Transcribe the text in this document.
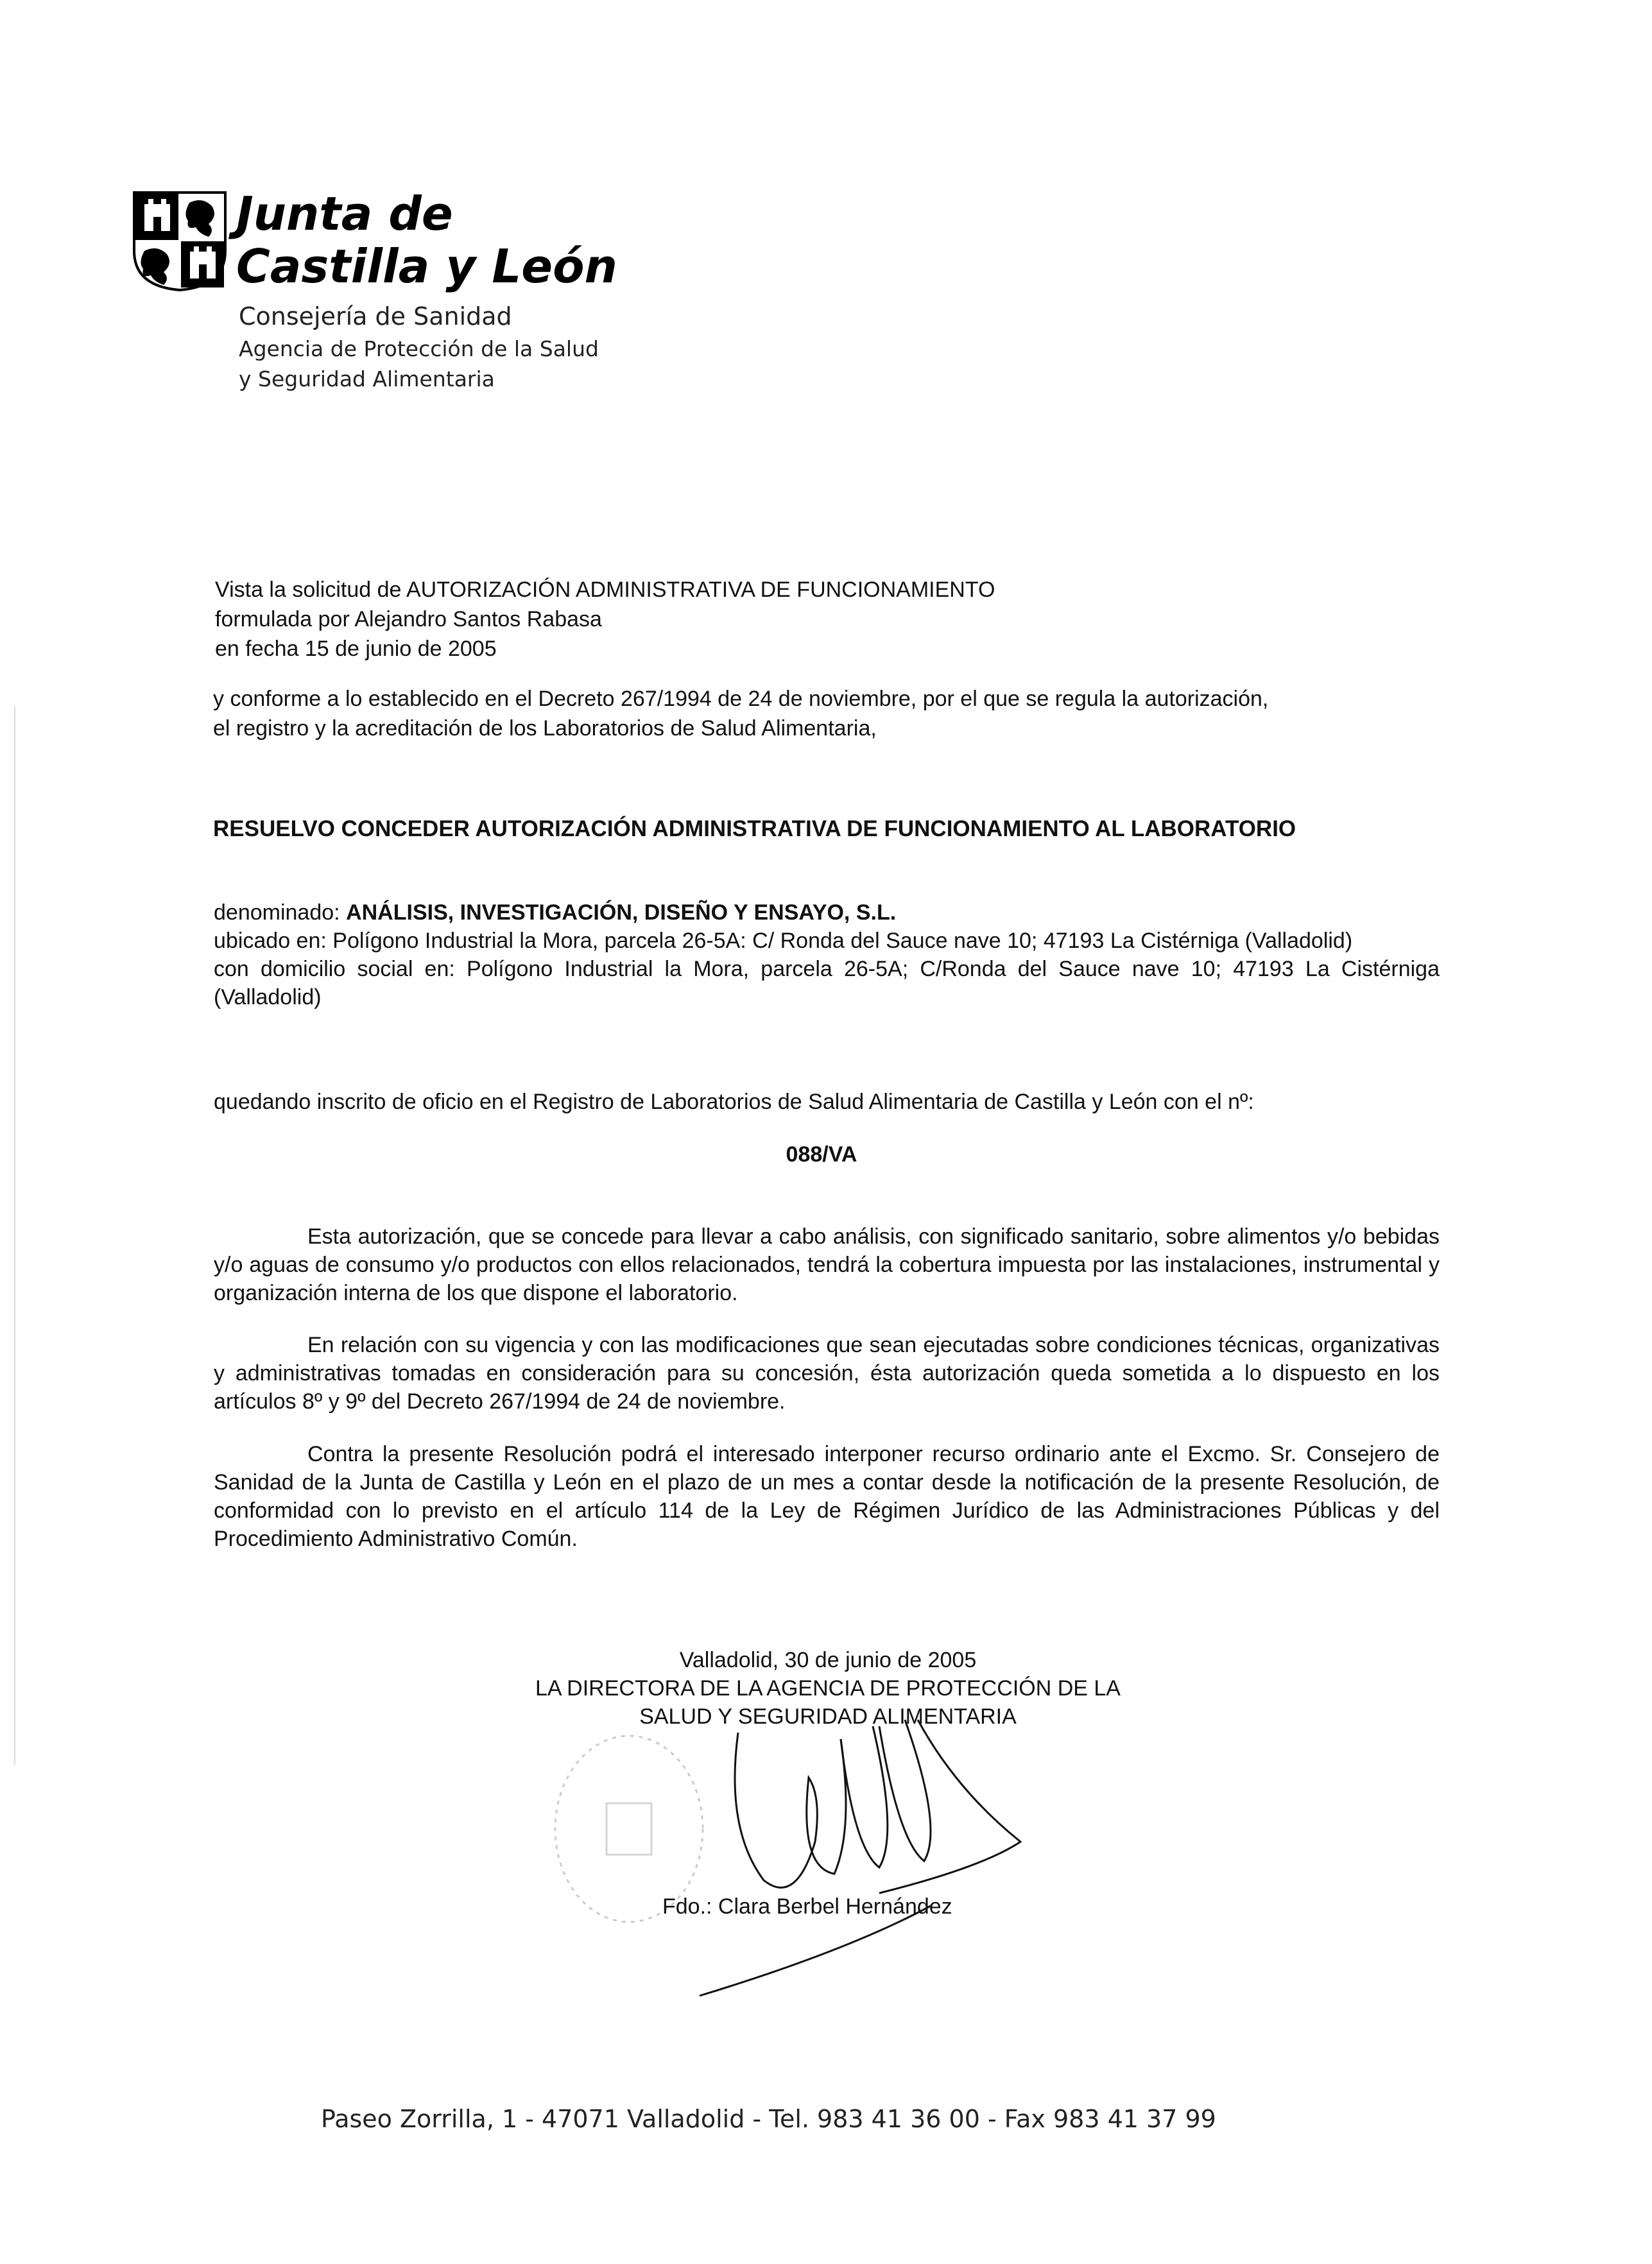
Junta de
Castilla y León
Consejería de Sanidad
Agencia de Protección de la Salud
y Seguridad Alimentaria
Vista la solicitud de AUTORIZACIÓN ADMINISTRATIVA DE FUNCIONAMIENTO
formulada por Alejandro Santos Rabasa
en fecha 15 de junio de 2005
y conforme a lo establecido en el Decreto 267/1994 de 24 de noviembre, por el que se regula la autorización,
el registro y la acreditación de los Laboratorios de Salud Alimentaria,
RESUELVO CONCEDER AUTORIZACIÓN ADMINISTRATIVA DE FUNCIONAMIENTO AL LABORATORIO
denominado: ANÁLISIS, INVESTIGACIÓN, DISEÑO Y ENSAYO, S.L.
ubicado en: Polígono Industrial la Mora, parcela 26-5A: C/ Ronda del Sauce nave 10; 47193 La Cistérniga (Valladolid)
con domicilio social en: Polígono Industrial la Mora, parcela 26-5A; C/Ronda del Sauce nave 10; 47193 La Cistérniga (Valladolid)
quedando inscrito de oficio en el Registro de Laboratorios de Salud Alimentaria de Castilla y León con el nº:
088/VA
Esta autorización, que se concede para llevar a cabo análisis, con significado sanitario, sobre alimentos y/o bebidas y/o aguas de consumo y/o productos con ellos relacionados, tendrá la cobertura impuesta por las instalaciones, instrumental y organización interna de los que dispone el laboratorio.
En relación con su vigencia y con las modificaciones que sean ejecutadas sobre condiciones técnicas, organizativas y administrativas tomadas en consideración para su concesión, ésta autorización queda sometida a lo dispuesto en los artículos 8º y 9º del Decreto 267/1994 de 24 de noviembre.
Contra la presente Resolución podrá el interesado interponer recurso ordinario ante el Excmo. Sr. Consejero de Sanidad de la Junta de Castilla y León en el plazo de un mes a contar desde la notificación de la presente Resolución, de conformidad con lo previsto en el artículo 114 de la Ley de Régimen Jurídico de las Administraciones Públicas y del Procedimiento Administrativo Común.
Valladolid, 30 de junio de 2005
LA DIRECTORA DE LA AGENCIA DE PROTECCIÓN DE LA
SALUD Y SEGURIDAD ALIMENTARIA
Fdo.: Clara Berbel Hernández
Paseo Zorrilla, 1 - 47071 Valladolid - Tel. 983 41 36 00 - Fax 983 41 37 99
